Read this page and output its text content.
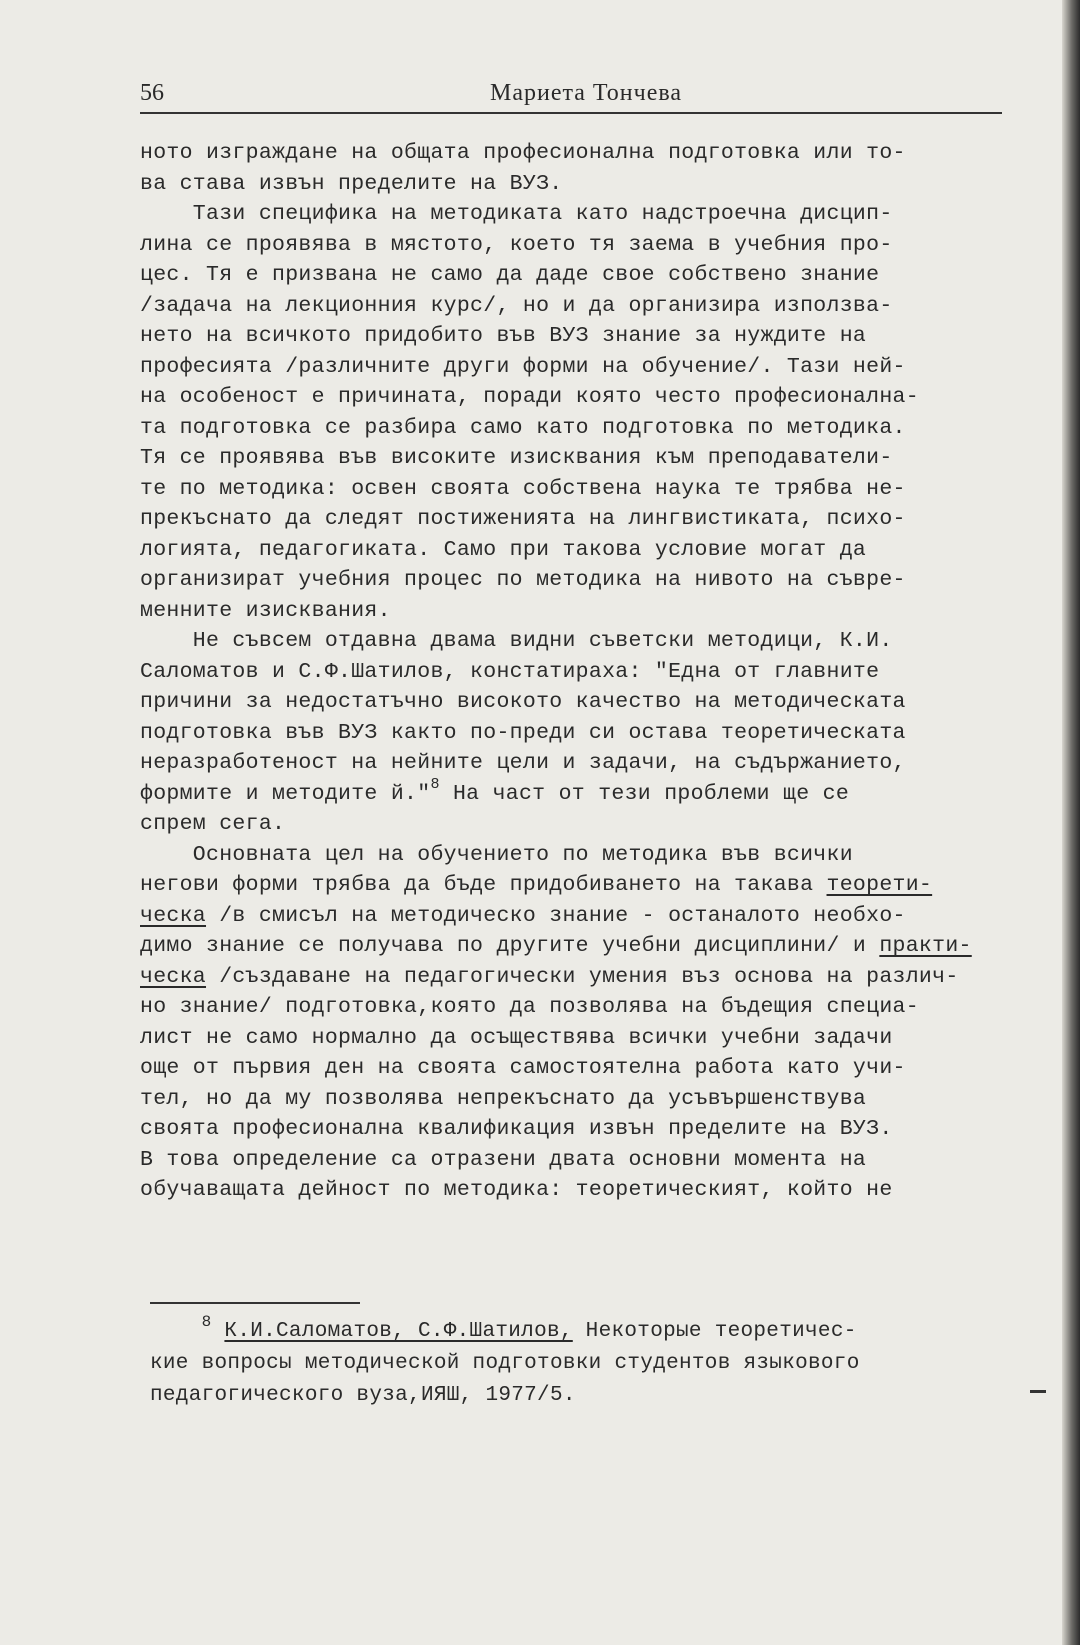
56	Мариета Тончева
ното изграждане на общата професионална подготовка или то-
ва става извън пределите на ВУЗ.
Тази специфика на методиката като надстроечна дисцип-
лина се проявява в мястото, което тя заема в учебния про-
цес. Тя е призвана не само да даде свое собствено знание
/задача на лекционния курс/, но и да организира използва-
нето на всичкото придобито във ВУЗ знание за нуждите на
професията /различните други форми на обучение/. Тази ней-
на особеност е причината, поради която често професионална-
та подготовка се разбира само като подготовка по методика.
Тя се проявява във високите изисквания към преподаватели-
те по методика: освен своята собствена наука те трябва не-
прекъснато да следят постиженията на лингвистиката, психо-
логията, педагогиката. Само при такова условие могат да
организират учебния процес по методика на нивото на съвре-
менните изисквания.
Не съвсем отдавна двама видни съветски методици, К.И.
Саломатов и С.Ф.Шатилов, констатираха: "Една от главните
причини за недостатъчно високото качество на методическата
подготовка във ВУЗ както по-преди си остава теоретическата
неразработеност на нейните цели и задачи, на съдържанието,
формите и методите й."$^8$ На част от тези проблеми ще се
спрем сега.
Основната цел на обучението по методика във всички
негови форми трябва да бъде придобиването на такава теорети-
ческа /в смисъл на методическо знание - останалото необхо-
димо знание се получава по другите учебни дисциплини/ и практи-
ческа /създаване на педагогически умения въз основа на различ-
но знание/ подготовка,която да позволява на бъдещия специа-
лист не само нормално да осъществява всички учебни задачи
още от първия ден на своята самостоятелна работа като учи-
тел, но да му позволява непрекъснато да усъвършенствува
своята професионална квалификация извън пределите на ВУЗ.
В това определение са отразени двата основни момента на
обучаващата дейност по методика: теоретическият, който не
$^8$ К.И.Саломатов, С.Ф.Шатилов, Некоторые теоретичес-
кие вопросы методической подготовки студентов языкового
педагогического вуза,ИЯШ, 1977/5.
